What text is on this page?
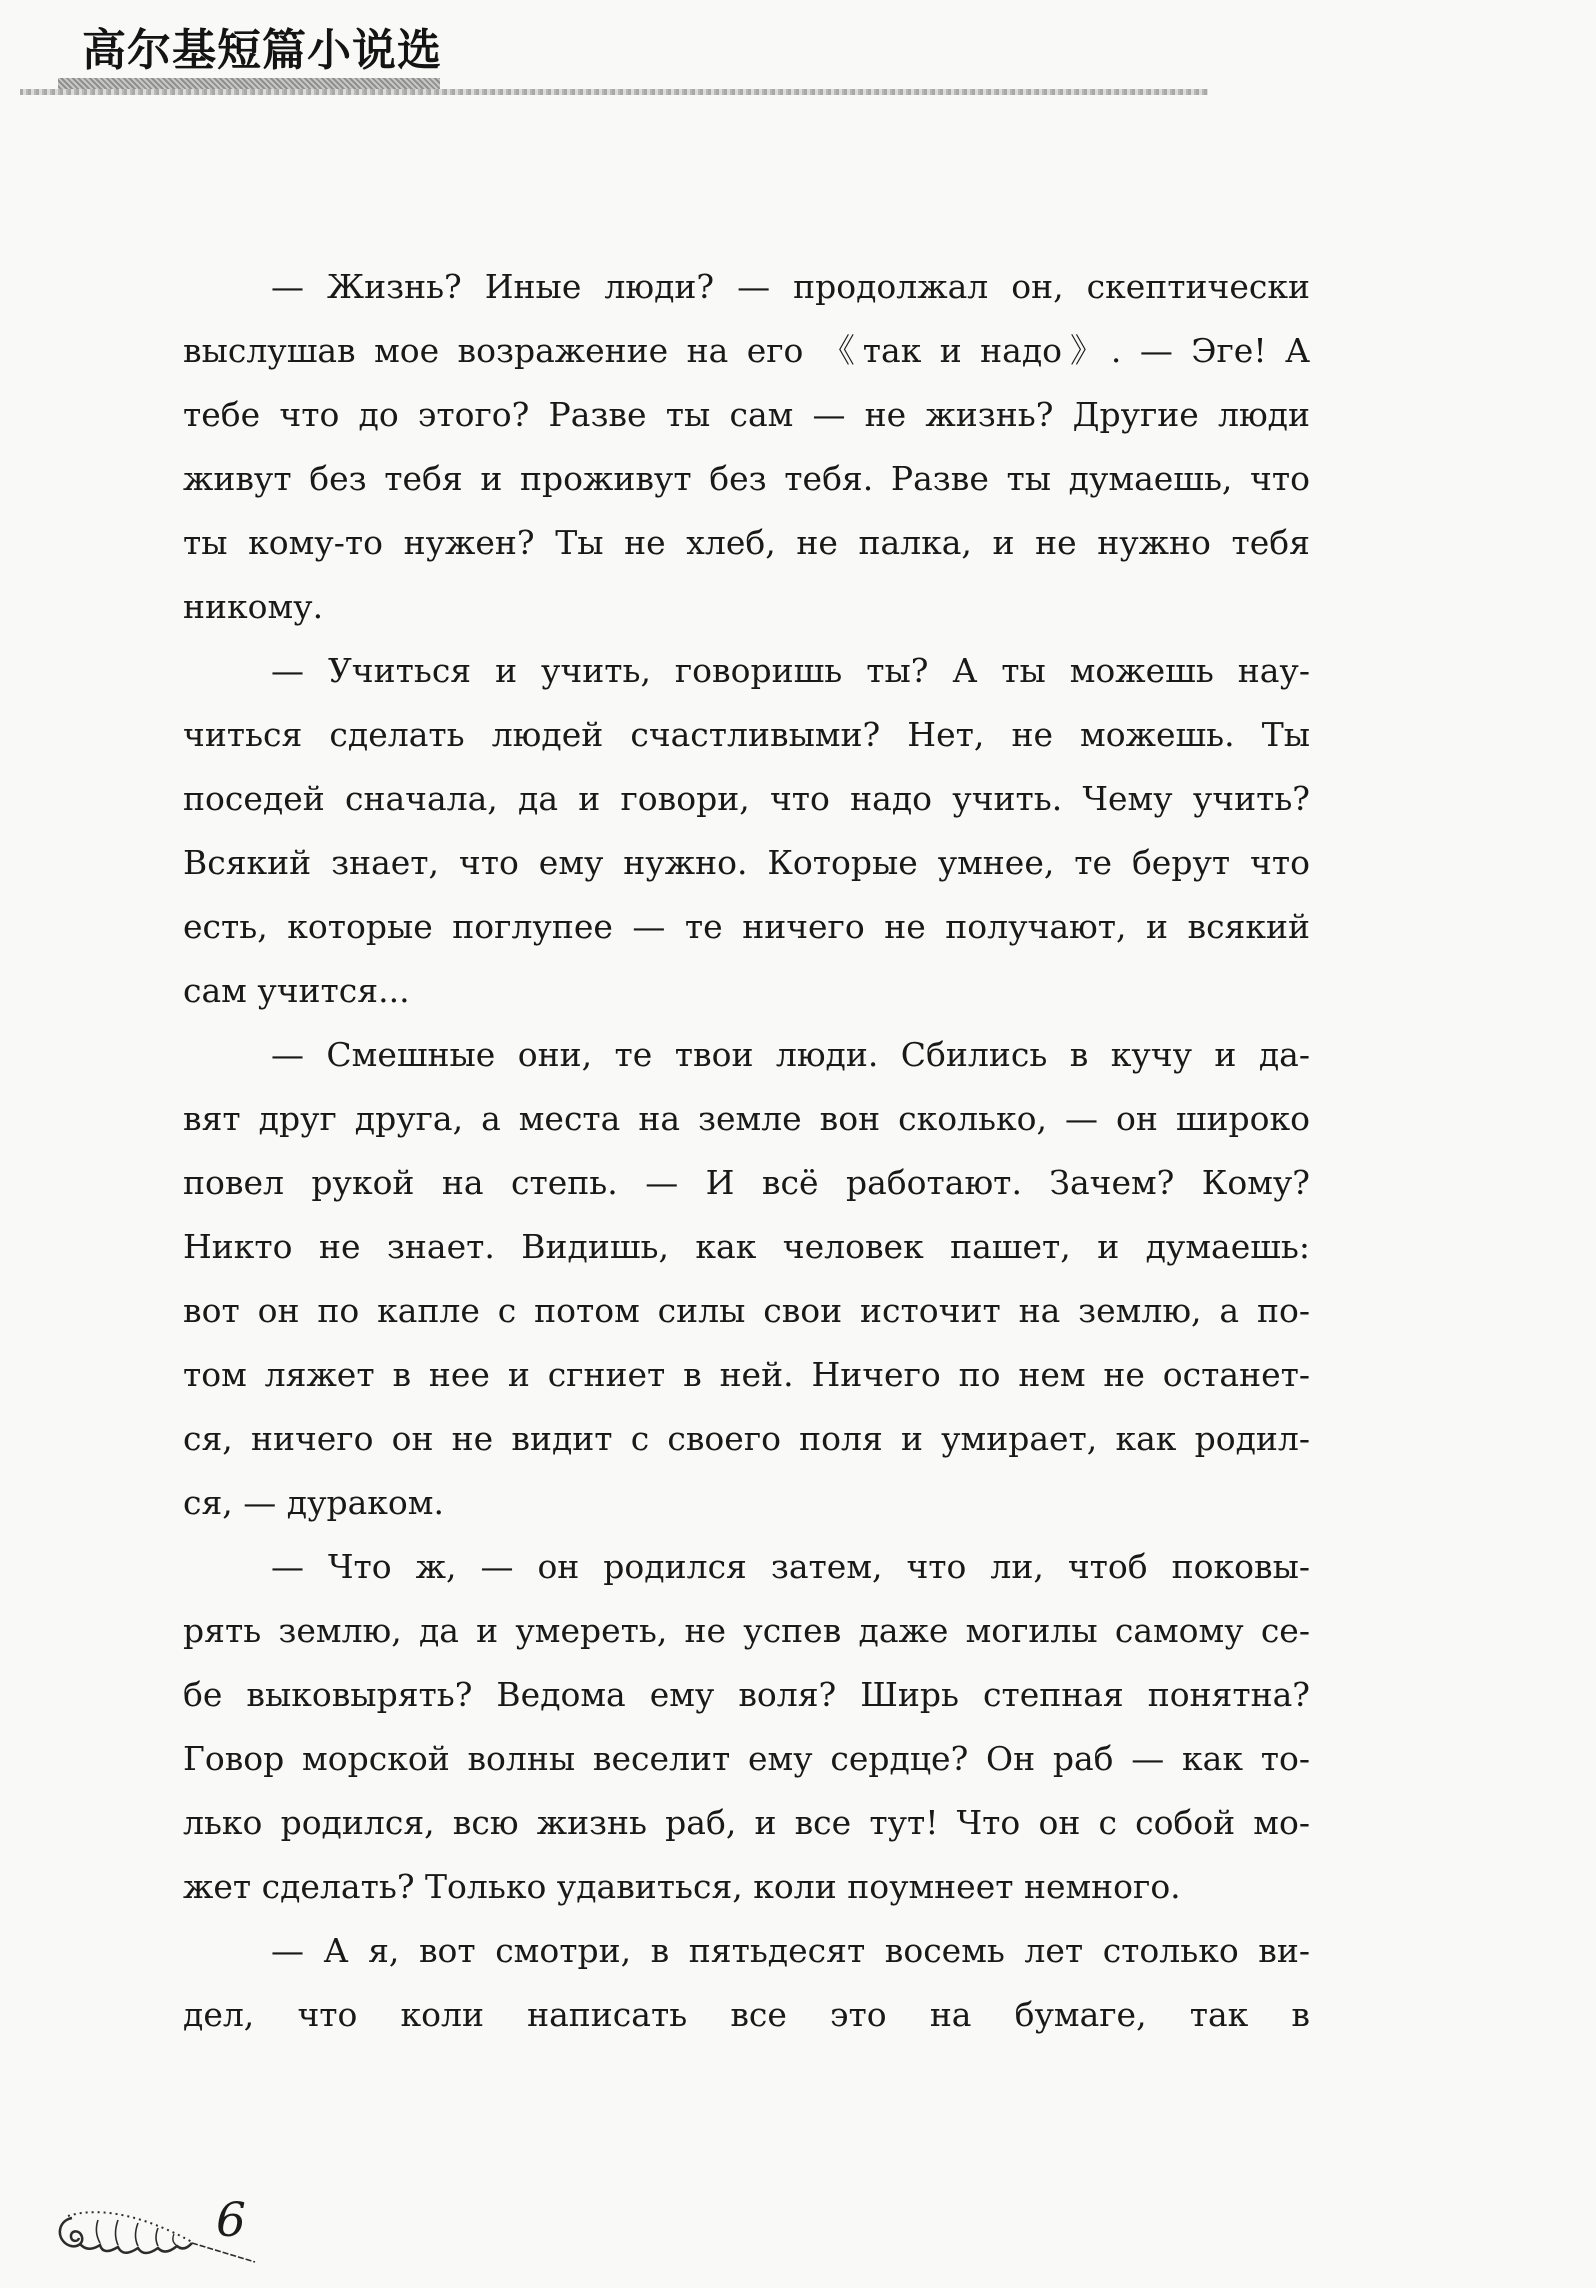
高尔基短篇小说选
— Жизнь? Иные люди? — продолжал он, скептически
выслушав мое возражение на его 《так и надо》. — Эге! А
тебе что до этого? Разве ты сам — не жизнь? Другие люди
живут без тебя и проживут без тебя. Разве ты думаешь, что
ты кому-то нужен? Ты не хлеб, не палка, и не нужно тебя
никому.
— Учиться и учить, говоришь ты? А ты можешь нау-
читься сделать людей счастливыми? Нет, не можешь. Ты
поседей сначала, да и говори, что надо учить. Чему учить?
Всякий знает, что ему нужно. Которые умнее, те берут что
есть, которые поглупее — те ничего не получают, и всякий
сам учится...
— Смешные они, те твои люди. Сбились в кучу и да-
вят друг друга, а места на земле вон сколько, — он широко
повел рукой на степь. — И всё работают. Зачем? Кому?
Никто не знает. Видишь, как человек пашет, и думаешь:
вот он по капле с потом силы свои источит на землю, а по-
том ляжет в нее и сгниет в ней. Ничего по нем не останет-
ся, ничего он не видит с своего поля и умирает, как родил-
ся, — дураком.
— Что ж, — он родился затем, что ли, чтоб поковы-
рять землю, да и умереть, не успев даже могилы самому се-
бе выковырять? Ведома ему воля? Ширь степная понятна?
Говор морской волны веселит ему сердце? Он раб — как то-
лько родился, всю жизнь раб, и все тут! Что он с собой мо-
жет сделать? Только удавиться, коли поумнеет немного.
— А я, вот смотри, в пятьдесят восемь лет столько ви-
дел, что коли написать все это на бумаге, так в
6
